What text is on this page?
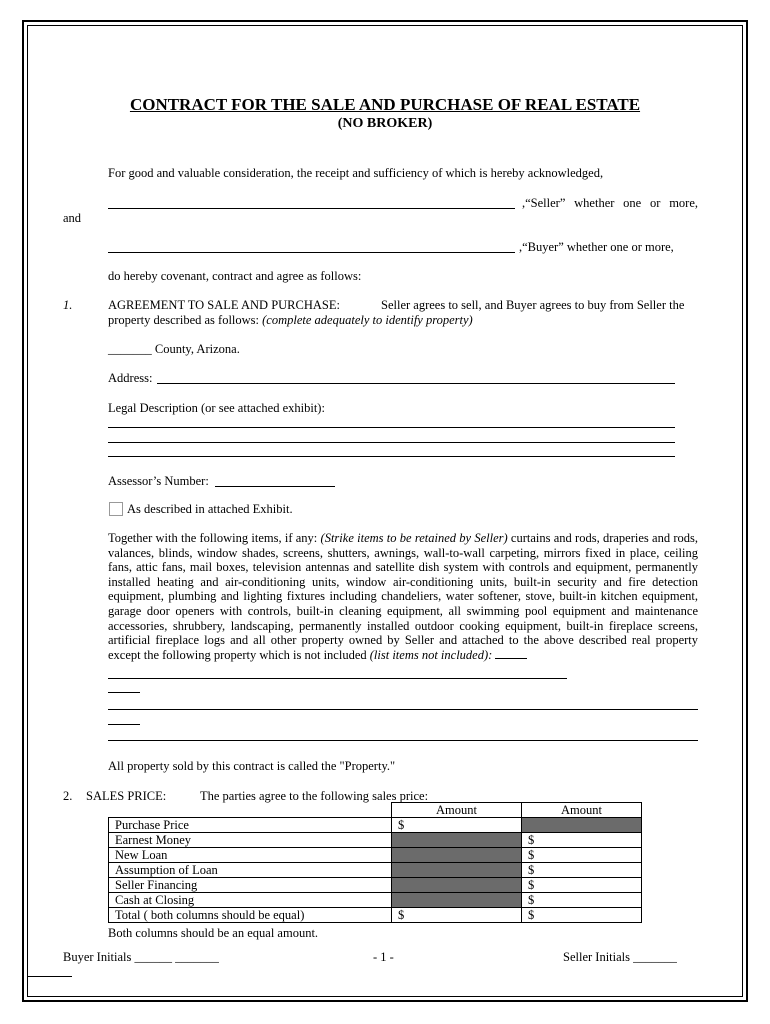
CONTRACT FOR THE SALE AND PURCHASE OF REAL ESTATE
(NO BROKER)
For good and valuable consideration, the receipt and sufficiency of which is hereby acknowledged,
,“Seller” whether one or more,
and
,“Buyer” whether one or more,
do hereby covenant, contract and agree as follows:
1.	AGREEMENT TO SALE AND PURCHASE:	Seller agrees to sell, and Buyer agrees to buy from Seller the
property described as follows: (complete adequately to identify property)
_______ County, Arizona.
Address:
Legal Description (or see attached exhibit):
Assessor’s Number:
As described in attached Exhibit.
Together with the following items, if any: (Strike items to be retained by Seller) curtains and rods, draperies and rods, valances, blinds, window shades, screens, shutters, awnings, wall-to-wall carpeting, mirrors fixed in place, ceiling fans, attic fans, mail boxes, television antennas and satellite dish system with controls and equipment, permanently installed heating and air-conditioning units, window air-conditioning units, built-in security and fire detection equipment, plumbing and lighting fixtures including chandeliers, water softener, stove, built-in kitchen equipment, garage door openers with controls, built-in cleaning equipment, all swimming pool equipment and maintenance accessories, shrubbery, landscaping, permanently installed outdoor cooking equipment, built-in fireplace screens, artificial fireplace logs and all other property owned by Seller and attached to the above described real property except the following property which is not included (list items not included):
All property sold by this contract is called the "Property."
2. SALES PRICE:	The parties agree to the following sales price:
	Amount	Amount
Purchase Price	$	
Earnest Money		$
New Loan		$
Assumption of Loan		$
Seller Financing		$
Cash at Closing		$
Total ( both columns should be equal)	$	$
Both columns should be an equal amount.
Buyer Initials ______ _______	- 1 -	Seller Initials _______
